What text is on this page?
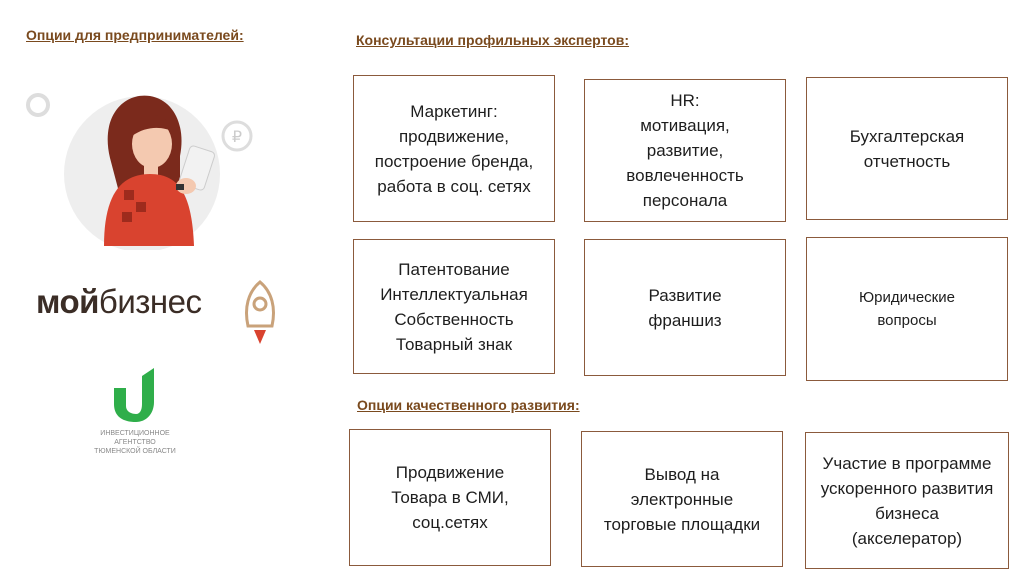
Опции для предпринимателей:	Консультации профильных экспертов:
Опции качественного развития:
₽
мойбизнес
ИНВЕСТИЦИОННОЕ АГЕНТСТВО
ТЮМЕНСКОЙ ОБЛАСТИ
Маркетинг:
продвижение,
построение бренда,
работа в соц. сетях
HR:
мотивация,
развитие,
вовлеченность
персонала
Бухгалтерская
отчетность
Патентование
Интеллектуальная
Собственность
Товарный знак
Развитие
франшиз
Юридические
вопросы
Продвижение
Товара в СМИ,
соц.сетях
Вывод на
электронные
торговые площадки
Участие в программе
ускоренного развития
бизнеса
(акселератор)
